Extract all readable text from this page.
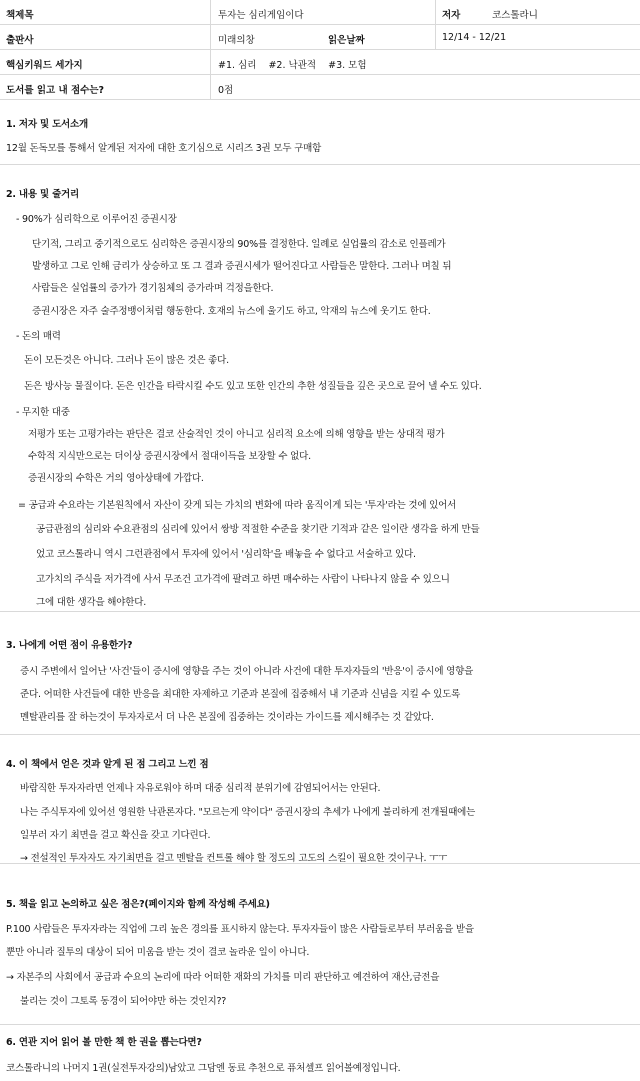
책제목	투자는 심리게임이다	저자	코스톨라니
출판사	미래의창	읽은날짜	12/14 - 12/21
핵심키워드 세가지	#1. 심리    #2. 낙관적    #3. 모험
도서를 읽고 내 점수는?	0점
1. 저자 및 도서소개
12월 돈독모를 통해서 알게된 저자에 대한 호기심으로 시리즈 3권 모두 구매함
2. 내용 및 줄거리
- 90%가 심리학으로 이루어진 증권시장
단기적, 그리고 중기적으로도 심리학은 증권시장의 90%를 결정한다. 일례로 실업률의 감소로 인플레가
발생하고 그로 인해 금리가 상승하고 또 그 결과 증권시세가 떨어진다고 사람들은 말한다. 그러나 며칠 뒤
사람들은 실업률의 증가가 경기침체의 증가라며 걱정을한다.
증권시장은 자주 술주정뱅이처럼 행동한다. 호재의 뉴스에 울기도 하고, 악재의 뉴스에 웃기도 한다.
- 돈의 매력
돈이 모든것은 아니다. 그러나 돈이 많은 것은 좋다.
돈은 방사능 물질이다. 돈은 인간을 타락시킬 수도 있고 또한 인간의 추한 성질들을 깊은 곳으로 끌어 낼 수도 있다.
- 무지한 대중
저평가 또는 고평가라는 판단은 결코 산술적인 것이 아니고 심리적 요소에 의해 영향을 받는 상대적 평가
수학적 지식만으로는 더이상 증권시장에서 절대이득을 보장할 수 없다.
증권시장의 수학은 거의 영아상태에 가깝다.
= 공급과 수요라는 기본원칙에서 자산이 갖게 되는 가치의 변화에 따라 움직이게 되는 '투자'라는 것에 있어서
공급관점의 심리와 수요관점의 심리에 있어서 쌍방 적절한 수준을 찾기란 기적과 같은 일이란 생각을 하게 만들
었고 코스톨라니 역시 그런관점에서 투자에 있어서 '심리학'을 배놓을 수 없다고 서술하고 있다.
고가치의 주식을 저가격에 사서 무조건 고가격에 팔려고 하면 매수하는 사람이 나타나지 않을 수 있으니
그에 대한 생각을 해야한다.
3. 나에게 어떤 점이 유용한가?
증시 주변에서 일어난 '사건'들이 증시에 영향을 주는 것이 아니라 사건에 대한 투자자들의 '반응'이 증시에 영향을
준다. 어떠한 사건들에 대한 반응을 최대한 자제하고 기준과 본질에 집중해서 내 기준과 신념을 지킬 수 있도록
멘탈관리를 잘 하는것이 투자자로서 더 나은 본질에 집중하는 것이라는 가이드를 제시해주는 것 같았다.
4. 이 책에서 얻은 것과 알게 된 점 그리고 느낀 점
바람직한 투자자라면 언제나 자유로워야 하며 대중 심리적 분위기에 감염되어서는 안된다.
나는 주식투자에 있어선 영원한 낙관론자다. "모르는게 약이다" 증권시장의 추세가 나에게 불리하게 전개될때에는
일부러 자기 최면을 걸고 확신을 갖고 기다린다.
→ 전설적인 투자자도 자기최면을 걸고 멘탈을 컨트롤 해야 할 정도의 고도의 스킬이 필요한 것이구나. ㅜㅜ
5. 책을 읽고 논의하고 싶은 점은?(페이지와 함께 작성해 주세요)
P.100 사람들은 투자자라는 직업에 그리 높은 경의를 표시하지 않는다. 투자자들이 많은 사람들로부터 부러움을 받을
뿐만 아니라 질투의 대상이 되어 미움을 받는 것이 결코 놀라운 일이 아니다.
→ 자본주의 사회에서 공급과 수요의 논리에 따라 어떠한 재화의 가치를 미리 판단하고 예견하여 재산,금전을
불리는 것이 그토록 동경이 되어야만 하는 것인지??
6. 연관 지어 읽어 볼 만한 책 한 권을 뽑는다면?
코스톨라니의 나머지 1권(실전투자강의)남았고 그담엔 동료 추천으로 퓨처셀프 읽어볼예정입니다.
